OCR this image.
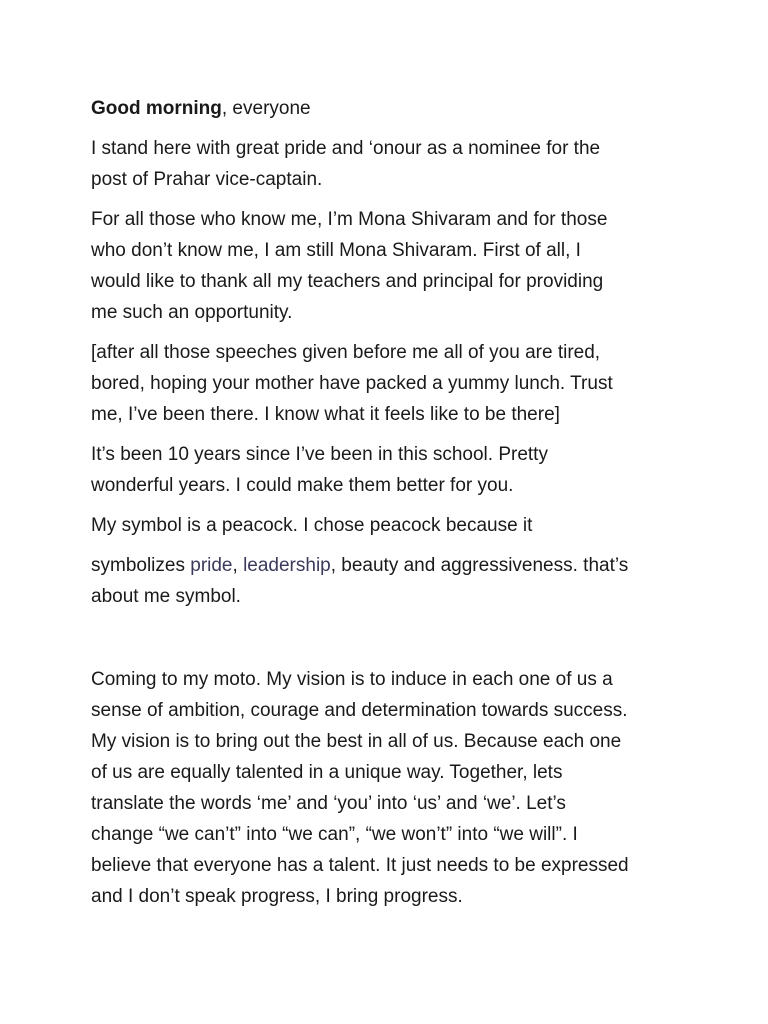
Good morning, everyone

I stand here with great pride and ‘onour as a nominee for the

post of Prahar vice-captain.

For all those who know me, I’m Mona Shivaram and for those

who don’t know me, I am still Mona Shivaram. First of all, I

would like to thank all my teachers and principal for providing

me such an opportunity.

[after all those speeches given before me all of you are tired,

bored, hoping your mother have packed a yummy lunch. Trust

me, I’ve been there. I know what it feels like to be there]

It’s been 10 years since I’ve been in this school. Pretty

wonderful years. I could make them better for you.

My symbol is a peacock. I chose peacock because it

symbolizes pride, leadership, beauty and aggressiveness. that’s

about me symbol.

Coming to my moto. My vision is to induce in each one of us a

sense of ambition, courage and determination towards success.

My vision is to bring out the best in all of us. Because each one

of us are equally talented in a unique way. Together, lets

translate the words ‘me’ and ‘you’ into ‘us’ and ‘we’. Let’s

change “we can’t” into “we can”, “we won’t” into “we will”. I

believe that everyone has a talent. It just needs to be expressed

and I don’t speak progress, I bring progress.
